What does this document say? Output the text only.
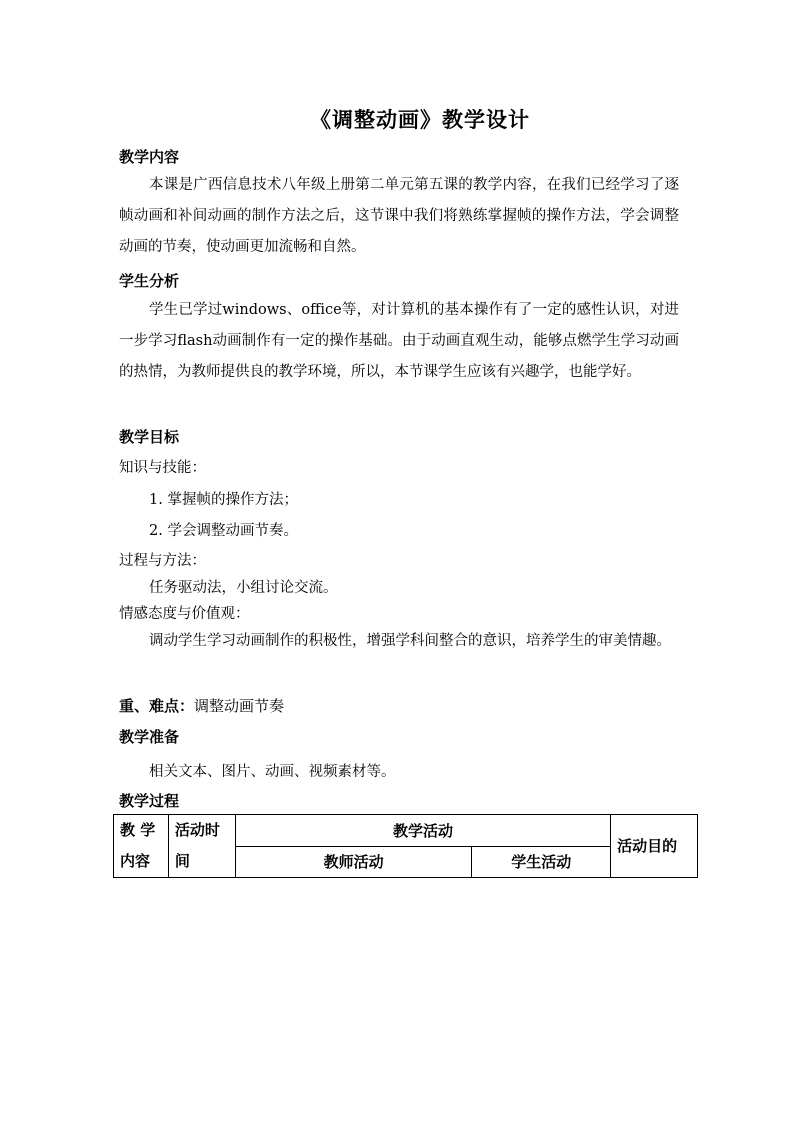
《调整动画》教学设计
教学内容
本课是广西信息技术八年级上册第二单元第五课的教学内容，在我们已经学习了逐帧动画和补间动画的制作方法之后，这节课中我们将熟练掌握帧的操作方法，学会调整动画的节奏，使动画更加流畅和自然。
学生分析
学生已学过windows、office等，对计算机的基本操作有了一定的感性认识，对进一步学习flash动画制作有一定的操作基础。由于动画直观生动，能够点燃学生学习动画的热情，为教师提供良的教学环境，所以，本节课学生应该有兴趣学，也能学好。
教学目标
知识与技能：
1. 掌握帧的操作方法；
2. 学会调整动画节奏。
过程与方法：
任务驱动法，小组讨论交流。
情感态度与价值观：
调动学生学习动画制作的积极性，增强学科间整合的意识，培养学生的审美情趣。
重、难点：调整动画节奏
教学准备
相关文本、图片、动画、视频素材等。
教学过程
教 学内容	活动时间	教学活动		活动目的
		教师活动	学生活动	
